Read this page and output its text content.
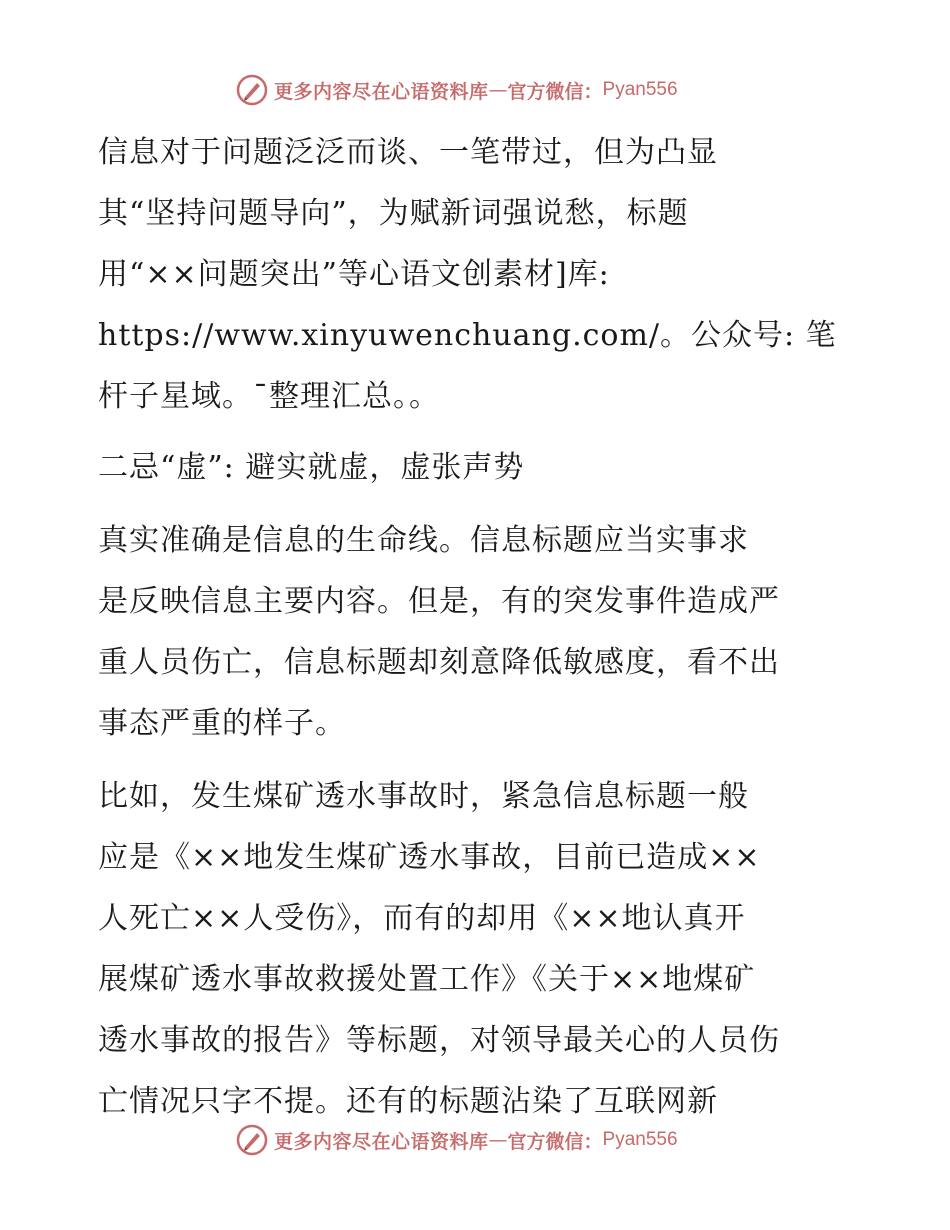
更多内容尽在心语资料库 — 官方微信： Pyan556

信息对于问题泛泛而谈、一笔带过，但为凸显
其“坚持问题导向”，为赋新词强说愁，标题
用“××问题突出”等心语文创素材]库:
https://www.xinyuwenchuang.com/。公众号: 笔
杆子星域。¯整理汇总。。

二忌“虚”: 避实就虚，虚张声势

真实准确是信息的生命线。信息标题应当实事求
是反映信息主要内容。但是，有的突发事件造成严
重人员伤亡，信息标题却刻意降低敏感度，看不出
事态严重的样子。

比如，发生煤矿透水事故时，紧急信息标题一般
应是《××地发生煤矿透水事故，目前已造成××
人死亡××人受伤》，而有的却用《××地认真开
展煤矿透水事故救援处置工作》《关于××地煤矿
透水事故的报告》等标题，对领导最关心的人员伤
亡情况只字不提。还有的标题沾染了互联网新

更多内容尽在心语资料库 — 官方微信： Pyan556
